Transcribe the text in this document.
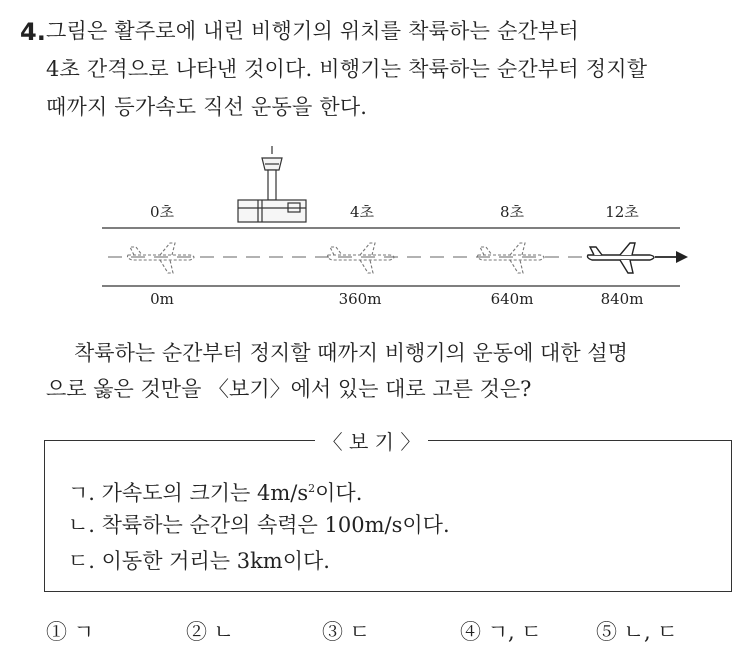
4. 그림은 활주로에 내린 비행기의 위치를 착륙하는 순간부터
4초 간격으로 나타낸 것이다. 비행기는 착륙하는 순간부터 정지할
때까지 등가속도 직선 운동을 한다.
0초	4초	8초	12초
0m	360m	640m	840m
착륙하는 순간부터 정지할 때까지 비행기의 운동에 대한 설명
으로 옳은 것만을 〈보기〉에서 있는 대로 고른 것은?
〈 보 기 〉
ㄱ. 가속도의 크기는 $4m/s^2$이다.
ㄴ. 착륙하는 순간의 속력은 100m/s이다.
ㄷ. 이동한 거리는 3km이다.
① ㄱ	② ㄴ	③ ㄷ	④ ㄱ, ㄷ	⑤ ㄴ, ㄷ
